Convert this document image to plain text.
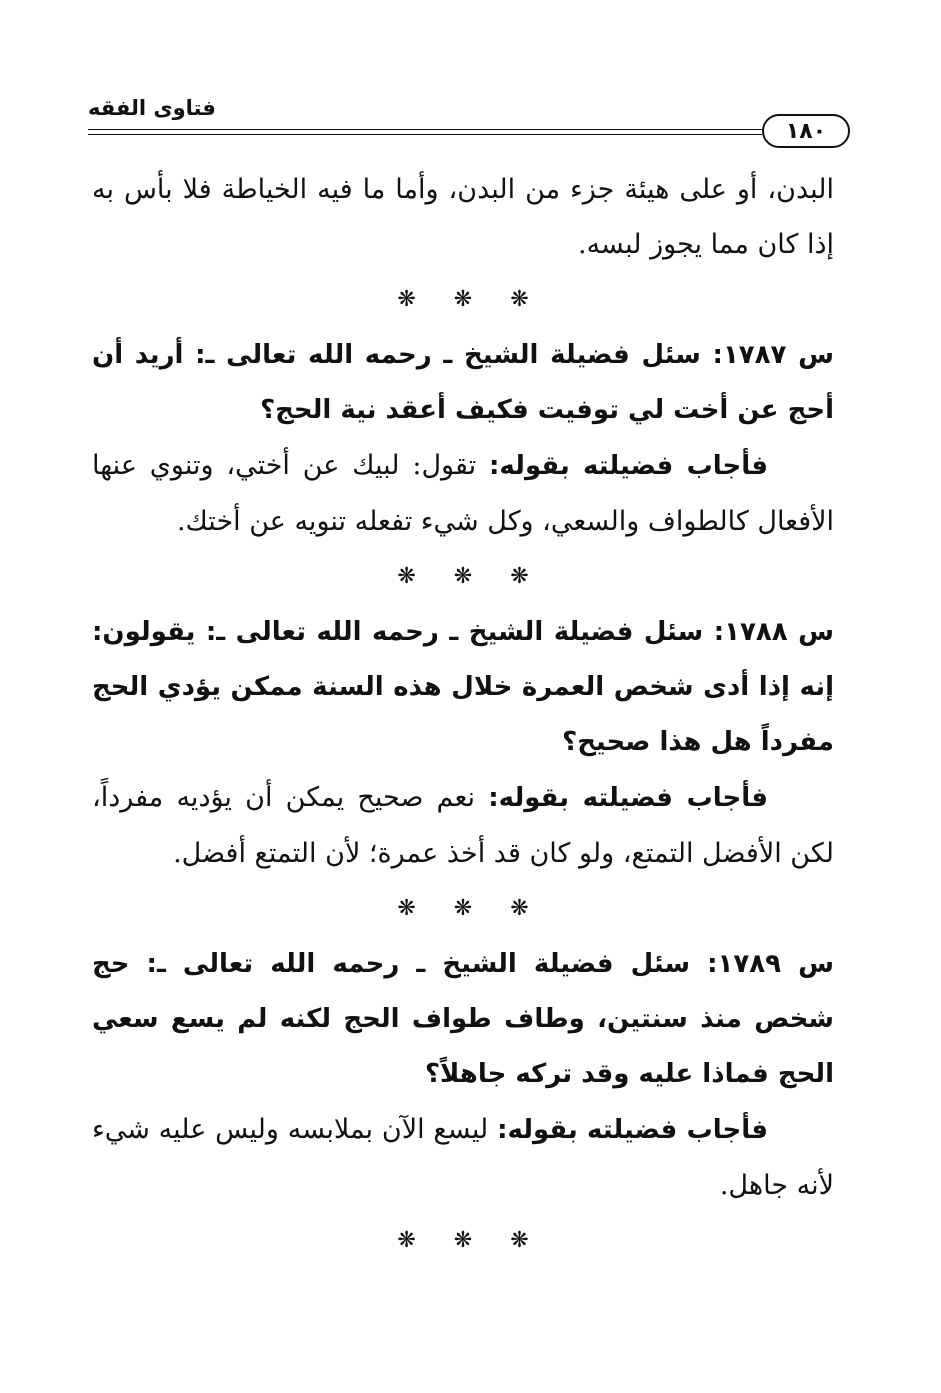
فتاوى الفقه
١٨٠

البدن، أو على هيئة جزء من البدن، وأما ما فيه الخياطة فلا بأس به إذا كان مما يجوز لبسه.

❋ ❋ ❋

س ١٧٨٧: سئل فضيلة الشيخ ـ رحمه الله تعالى ـ: أريد أن أحج عن أخت لي توفيت فكيف أعقد نية الحج؟

فأجاب فضيلته بقوله: تقول: لبيك عن أختي، وتنوي عنها الأفعال كالطواف والسعي، وكل شيء تفعله تنويه عن أختك.

❋ ❋ ❋

س ١٧٨٨: سئل فضيلة الشيخ ـ رحمه الله تعالى ـ: يقولون: إنه إذا أدى شخص العمرة خلال هذه السنة ممكن يؤدي الحج مفرداً هل هذا صحيح؟

فأجاب فضيلته بقوله: نعم صحيح يمكن أن يؤديه مفرداً، لكن الأفضل التمتع، ولو كان قد أخذ عمرة؛ لأن التمتع أفضل.

❋ ❋ ❋

س ١٧٨٩: سئل فضيلة الشيخ ـ رحمه الله تعالى ـ: حج شخص منذ سنتين، وطاف طواف الحج لكنه لم يسع سعي الحج فماذا عليه وقد تركه جاهلاً؟

فأجاب فضيلته بقوله: ليسع الآن بملابسه وليس عليه شيء لأنه جاهل.

❋ ❋ ❋
